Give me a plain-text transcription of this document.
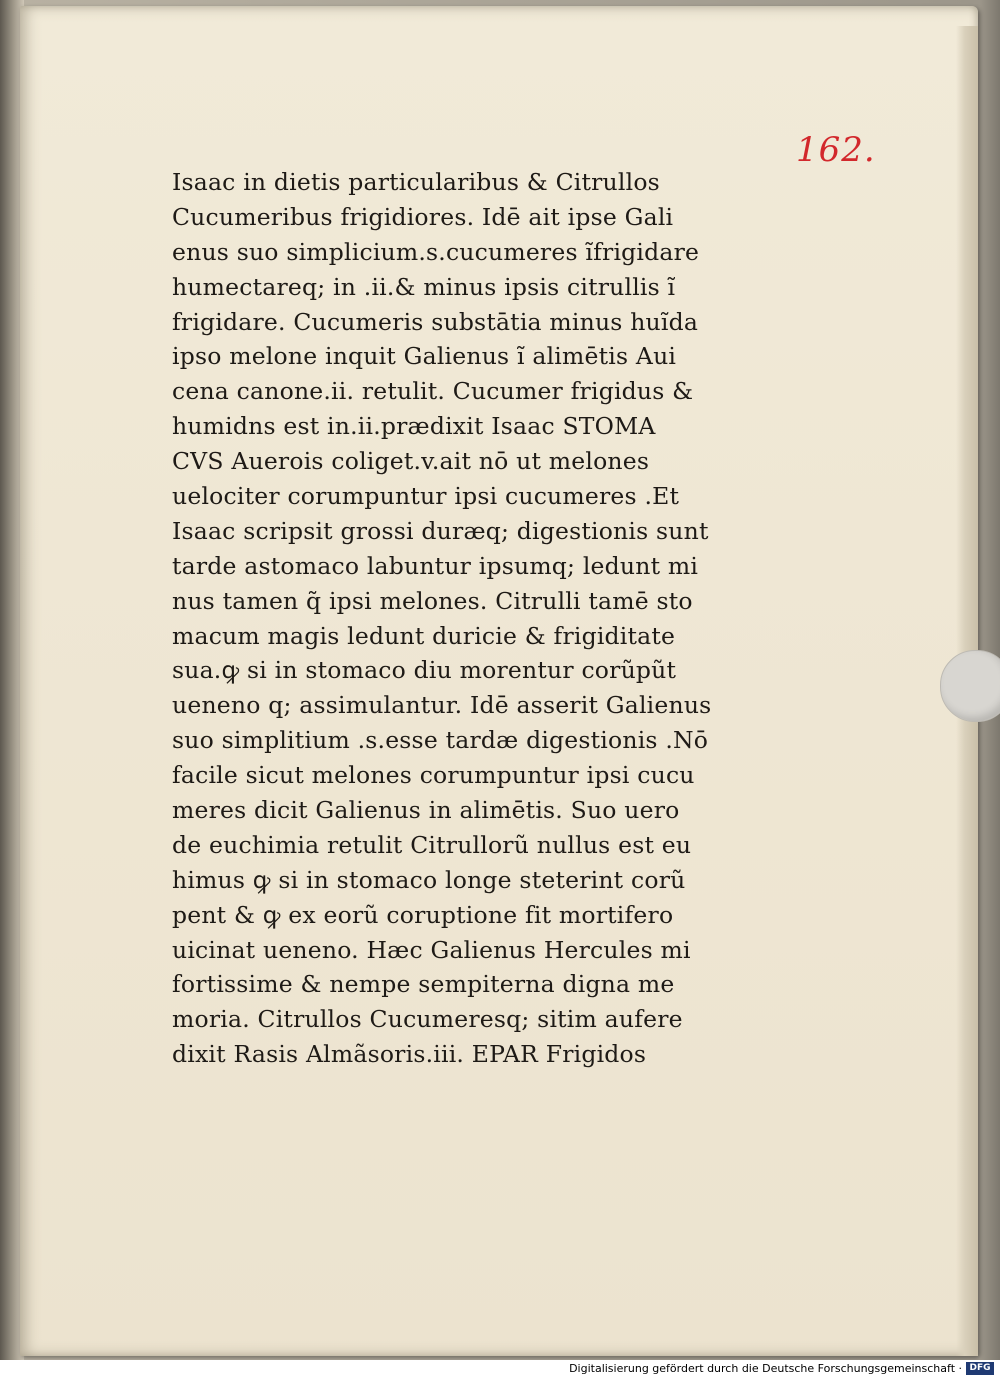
162.
Isaac in dietis particularibus & Citrullos
Cucumeribus frigidiores. Idē ait ipse Gali
enus suo simplicium.s.cucumeres ĩfrigidare
humectareq; in .ii.& minus ipsis citrullis ĩ
frigidare. Cucumeris substātia minus huĩda
ipso melone inquit Galienus ĩ alimētis Aui
cena canone.ii. retulit. Cucumer frigidus &
humidns est in.ii.prædixit Isaac STOMA
CVS Auerois coliget.v.ait nō ut melones
uelociter corumpuntur ipsi cucumeres .Et
Isaac scripsit grossi duræq; digestionis sunt
tarde astomaco labuntur ipsumq; ledunt mi
nus tamen q̃ ipsi melones. Citrulli tamē sto
macum magis ledunt duricie & frigiditate
sua.ꝙ si in stomaco diu morentur corũpũt
ueneno q; assimulantur. Idē asserit Galienus
suo simplitium .s.esse tardæ digestionis .Nō
facile sicut melones corumpuntur ipsi cucu
meres dicit Galienus in alimētis. Suo uero
de euchimia retulit Citrullorũ nullus est eu
himus ꝙ si in stomaco longe steterint corũ
pent & ꝙ ex eorũ coruptione fit mortifero
uicinat ueneno. Hæc Galienus Hercules mi
fortissime & nempe sempiterna digna me
moria. Citrullos Cucumeresq; sitim aufere
dixit Rasis Almãsoris.iii. EPAR Frigidos
Digitalisierung gefördert durch die Deutsche Forschungsgemeinschaft · DFG
